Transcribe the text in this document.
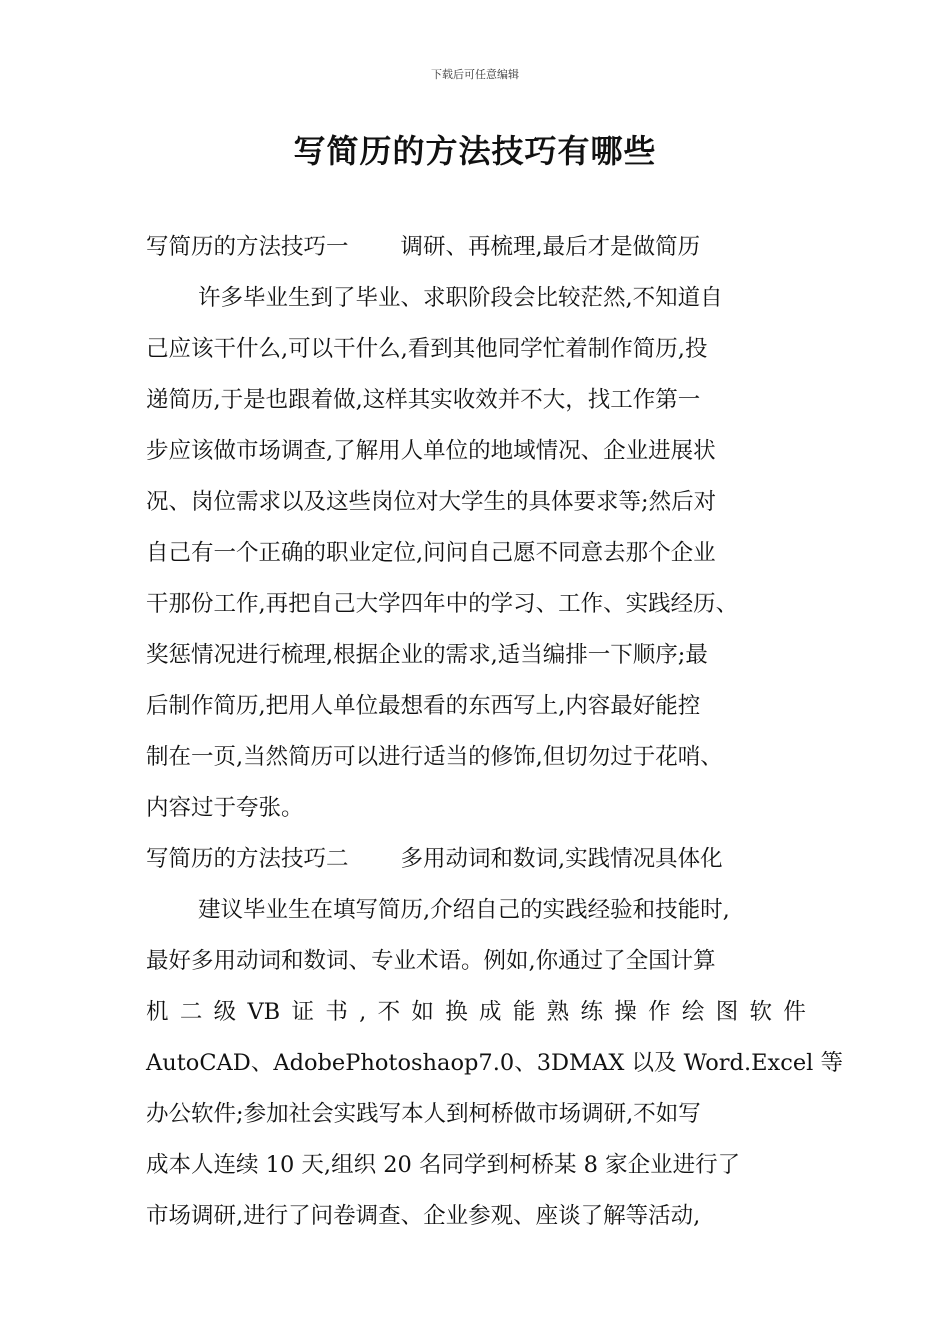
下载后可任意编辑
写简历的方法技巧有哪些
写简历的方法技巧一 调研、再梳理,最后才是做简历
许多毕业生到了毕业、求职阶段会比较茫然,不知道自
己应该干什么,可以干什么,看到其他同学忙着制作简历,投
递简历,于是也跟着做,这样其实收效并不大，找工作第一
步应该做市场调查,了解用人单位的地域情况、企业进展状
况、岗位需求以及这些岗位对大学生的具体要求等;然后对
自己有一个正确的职业定位,问问自己愿不同意去那个企业
干那份工作,再把自己大学四年中的学习、工作、实践经历、
奖惩情况进行梳理,根据企业的需求,适当编排一下顺序;最
后制作简历,把用人单位最想看的东西写上,内容最好能控
制在一页,当然简历可以进行适当的修饰,但切勿过于花哨、
内容过于夸张。
写简历的方法技巧二 多用动词和数词,实践情况具体化
建议毕业生在填写简历,介绍自己的实践经验和技能时,
最好多用动词和数词、专业术语。例如,你通过了全国计算
机 二 级 VB 证 书 , 不 如 换 成 能 熟 练 操 作 绘 图 软 件
AutoCAD、AdobePhotoshaop7.0、3DMAX 以及 Word.Excel 等
办公软件;参加社会实践写本人到柯桥做市场调研,不如写
成本人连续 10 天,组织 20 名同学到柯桥某 8 家企业进行了
市场调研,进行了问卷调查、企业参观、座谈了解等活动,
